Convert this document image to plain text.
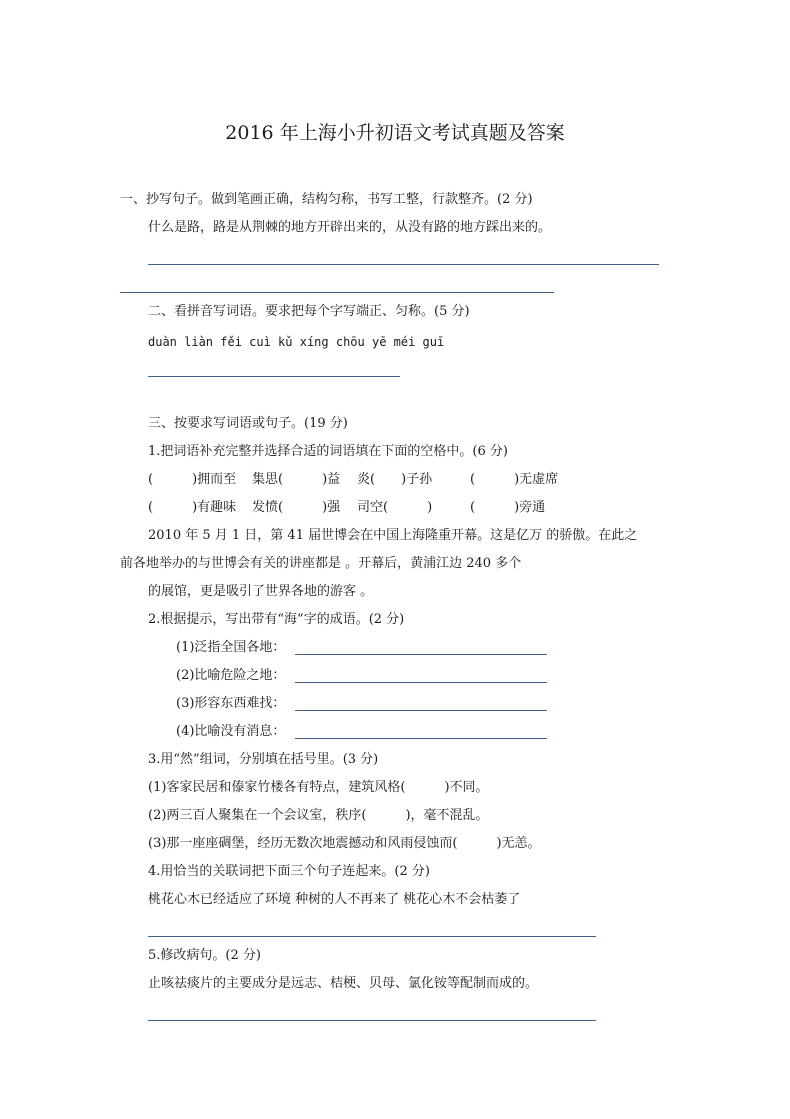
2016 年上海小升初语文考试真题及答案
一、抄写句子。做到笔画正确，结构匀称，书写工整，行款整齐。(2 分)
什么是路，路是从荆棘的地方开辟出来的，从没有路的地方踩出来的。
二、看拼音写词语。要求把每个字写端正、匀称。(5 分)
duàn liàn fěi cuì kǔ xíng chōu yē méi guī
三、按要求写词语或句子。(19 分)
1.把词语补充完整并选择合适的词语填在下面的空格中。(6 分)
(　　　)拥而至 集思(　　　)益 炎(　　)子孙	(　　　)无虚席
(　　　)有趣味 发愤(　　　)强 司空(　　　)	(　　　)旁通
2010 年 5 月 1 日，第 41 届世博会在中国上海隆重开幕。这是亿万 的骄傲。在此之
前各地举办的与世博会有关的讲座都是 。开幕后，黄浦江边 240 多个
的展馆，更是吸引了世界各地的游客 。
2.根据提示，写出带有“海”字的成语。(2 分)
(1)泛指全国各地：
(2)比喻危险之地：
(3)形容东西难找：
(4)比喻没有消息：
3.用“然”组词，分别填在括号里。(3 分)
(1)客家民居和傣家竹楼各有特点，建筑风格(　　　)不同。
(2)两三百人聚集在一个会议室，秩序(　　　)，毫不混乱。
(3)那一座座碉堡，经历无数次地震撼动和风雨侵蚀而(　　　)无恙。
4.用恰当的关联词把下面三个句子连起来。(2 分)
桃花心木已经适应了环境 种树的人不再来了 桃花心木不会枯萎了
5.修改病句。(2 分)
止咳祛痰片的主要成分是远志、桔梗、贝母、氯化铵等配制而成的。
